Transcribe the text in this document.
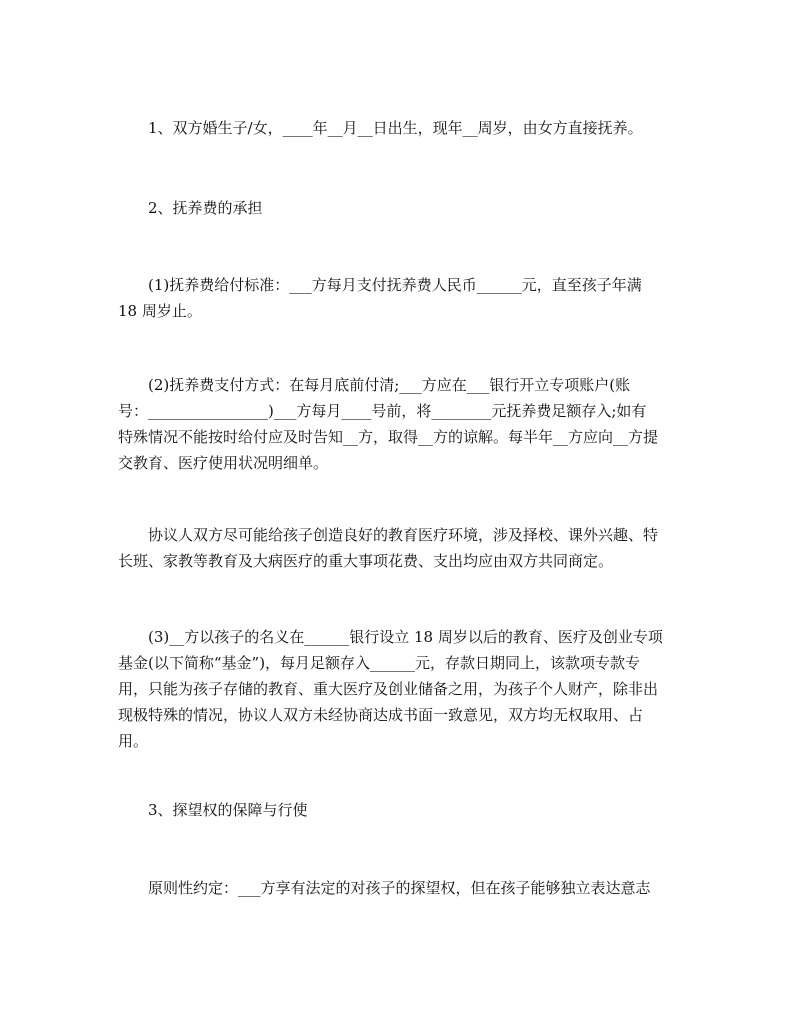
1、双方婚生子/女，____年__月__日出生，现年__周岁，由女方直接抚养。

2、抚养费的承担

(1)抚养费给付标准：___方每月支付抚养费人民币______元，直至孩子年满
18 周岁止。

(2)抚养费支付方式：在每月底前付清;___方应在___银行开立专项账户(账
号：________________)___方每月____号前，将________元抚养费足额存入;如有
特殊情况不能按时给付应及时告知__方，取得__方的谅解。每半年__方应向__方提
交教育、医疗使用状况明细单。

协议人双方尽可能给孩子创造良好的教育医疗环境，涉及择校、课外兴趣、特
长班、家教等教育及大病医疗的重大事项花费、支出均应由双方共同商定。

(3)__方以孩子的名义在______银行设立 18 周岁以后的教育、医疗及创业专项
基金(以下简称“基金”)，每月足额存入______元，存款日期同上，该款项专款专
用，只能为孩子存储的教育、重大医疗及创业储备之用，为孩子个人财产，除非出
现极特殊的情况，协议人双方未经协商达成书面一致意见，双方均无权取用、占
用。

3、探望权的保障与行使

原则性约定：___方享有法定的对孩子的探望权，但在孩子能够独立表达意志
